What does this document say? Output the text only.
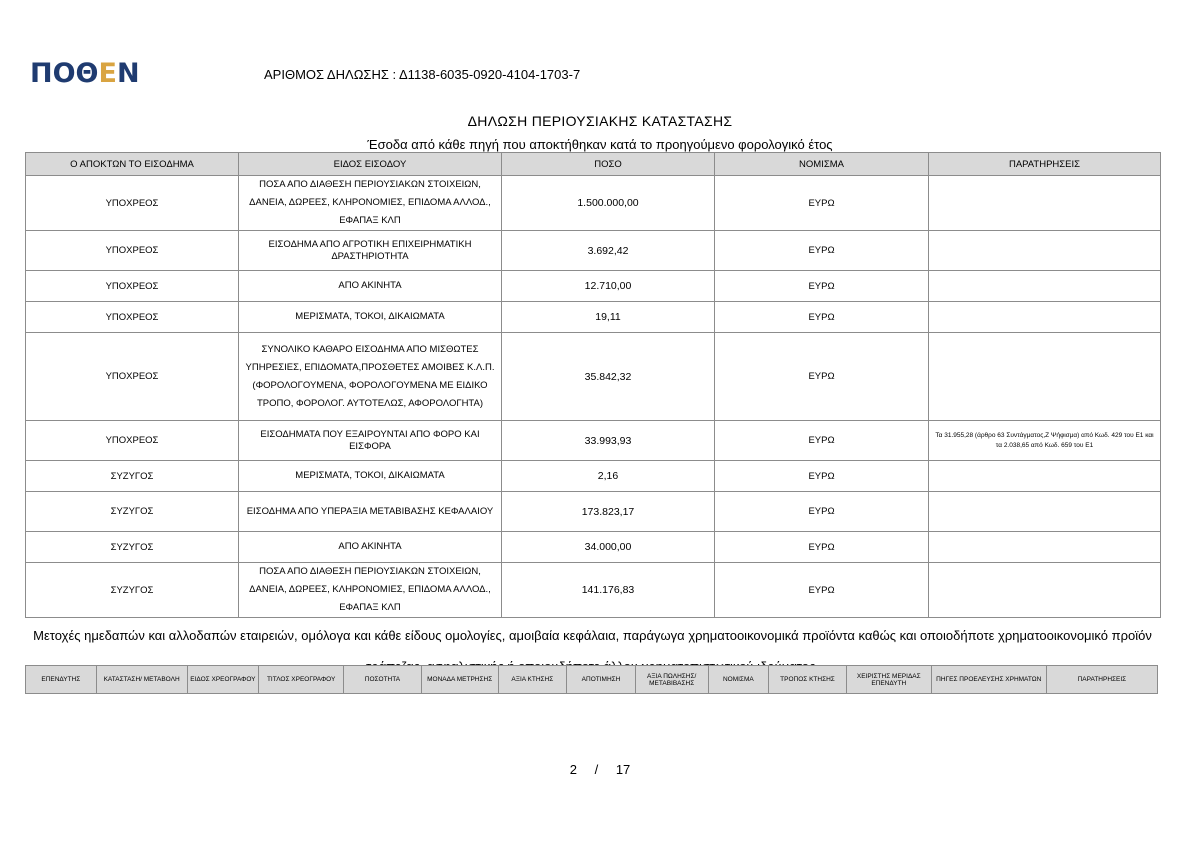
ΠΟΘΕΝ	ΑΡΙΘΜΟΣ ΔΗΛΩΣΗΣ : Δ1138-6035-0920-4104-1703-7
ΔΗΛΩΣΗ ΠΕΡΙΟΥΣΙΑΚΗΣ ΚΑΤΑΣΤΑΣΗΣ
Έσοδα από κάθε πηγή που αποκτήθηκαν κατά το προηγούμενο φορολογικό έτος
Ο ΑΠΟΚΤΩΝ ΤΟ ΕΙΣΟΔΗΜΑ	ΕΙΔΟΣ ΕΙΣΟΔΟΥ	ΠΟΣΟ	ΝΟΜΙΣΜΑ	ΠΑΡΑΤΗΡΗΣΕΙΣ
ΥΠΟΧΡΕΟΣ	ΠΟΣΑ ΑΠΟ ΔΙΑΘΕΣΗ ΠΕΡΙΟΥΣΙΑΚΩΝ ΣΤΟΙΧΕΙΩΝ, ΔΑΝΕΙΑ, ΔΩΡΕΕΣ, ΚΛΗΡΟΝΟΜΙΕΣ, ΕΠΙΔΟΜΑ ΑΛΛΟΔ., ΕΦΑΠΑΞ ΚΛΠ	1.500.000,00	ΕΥΡΩ	
ΥΠΟΧΡΕΟΣ	ΕΙΣΟΔΗΜΑ ΑΠΟ ΑΓΡΟΤΙΚΗ ΕΠΙΧΕΙΡΗΜΑΤΙΚΗ ΔΡΑΣΤΗΡΙΟΤΗΤΑ	3.692,42	ΕΥΡΩ	
ΥΠΟΧΡΕΟΣ	ΑΠΟ ΑΚΙΝΗΤΑ	12.710,00	ΕΥΡΩ	
ΥΠΟΧΡΕΟΣ	ΜΕΡΙΣΜΑΤΑ, ΤΟΚΟΙ, ΔΙΚΑΙΩΜΑΤΑ	19,11	ΕΥΡΩ	
ΥΠΟΧΡΕΟΣ	ΣΥΝΟΛΙΚΟ ΚΑΘΑΡΟ ΕΙΣΟΔΗΜΑ ΑΠΟ ΜΙΣΘΩΤΕΣ ΥΠΗΡΕΣΙΕΣ, ΕΠΙΔΟΜΑΤΑ,ΠΡΟΣΘΕΤΕΣ ΑΜΟΙΒΕΣ Κ.Λ.Π.(ΦΟΡΟΛΟΓΟΥΜΕΝΑ, ΦΟΡΟΛΟΓΟΥΜΕΝΑ ΜΕ ΕΙΔΙΚΟ ΤΡΟΠΟ, ΦΟΡΟΛΟΓ. ΑΥΤΟΤΕΛΩΣ, ΑΦΟΡΟΛΟΓΗΤΑ)	35.842,32	ΕΥΡΩ	
ΥΠΟΧΡΕΟΣ	ΕΙΣΟΔΗΜΑΤΑ ΠΟΥ ΕΞΑΙΡΟΥΝΤΑΙ ΑΠΟ ΦΟΡΟ ΚΑΙ ΕΙΣΦΟΡΑ	33.993,93	ΕΥΡΩ	Τα 31.955,28 (άρθρο 63 Συντάγματος,Ζ Ψήφισμα) από Κωδ. 429 του Ε1 και τα 2.038,65 από Κωδ. 659 του Ε1
ΣΥΖΥΓΟΣ	ΜΕΡΙΣΜΑΤΑ, ΤΟΚΟΙ, ΔΙΚΑΙΩΜΑΤΑ	2,16	ΕΥΡΩ	
ΣΥΖΥΓΟΣ	ΕΙΣΟΔΗΜΑ ΑΠΟ ΥΠΕΡΑΞΙΑ ΜΕΤΑΒΙΒΑΣΗΣ ΚΕΦΑΛΑΙΟΥ	173.823,17	ΕΥΡΩ	
ΣΥΖΥΓΟΣ	ΑΠΟ ΑΚΙΝΗΤΑ	34.000,00	ΕΥΡΩ	
ΣΥΖΥΓΟΣ	ΠΟΣΑ ΑΠΟ ΔΙΑΘΕΣΗ ΠΕΡΙΟΥΣΙΑΚΩΝ ΣΤΟΙΧΕΙΩΝ, ΔΑΝΕΙΑ, ΔΩΡΕΕΣ, ΚΛΗΡΟΝΟΜΙΕΣ, ΕΠΙΔΟΜΑ ΑΛΛΟΔ., ΕΦΑΠΑΞ ΚΛΠ	141.176,83	ΕΥΡΩ	
Μετοχές ημεδαπών και αλλοδαπών εταιρειών, ομόλογα και κάθε είδους ομολογίες, αμοιβαία κεφάλαια, παράγωγα χρηματοοικονομικά προϊόντα καθώς και οποιοδήποτε χρηματοοικονομικό προϊόν
ΕΠΕΝΔΥΤΗΣ	ΚΑΤΑΣΤΑΣΗ/ ΜΕΤΑΒΟΛΗ	ΕΙΔΟΣ ΧΡΕΟΓΡΑΦΟΥ	ΤΙΤΛΟΣ ΧΡΕΟΓΡΑΦΟΥ	ΠΟΣΟΤΗΤΑ	ΜΟΝΑΔΑ ΜΕΤΡΗΣΗΣ	ΑΞΙΑ ΚΤΗΣΗΣ	ΑΠΟΤΙΜΗΣΗ	ΑΞΙΑ ΠΩΛΗΣΗΣ/ ΜΕΤΑΒΙΒΑΣΗΣ	ΝΟΜΙΣΜΑ	ΤΡΟΠΟΣ ΚΤΗΣΗΣ	ΧΕΙΡΙΣΤΗΣ ΜΕΡΙΔΑΣ ΕΠΕΝΔΥΤΗ	ΠΗΓΕΣ ΠΡΟΕΛΕΥΣΗΣ ΧΡΗΜΑΤΩΝ	ΠΑΡΑΤΗΡΗΣΕΙΣ
2 / 17
